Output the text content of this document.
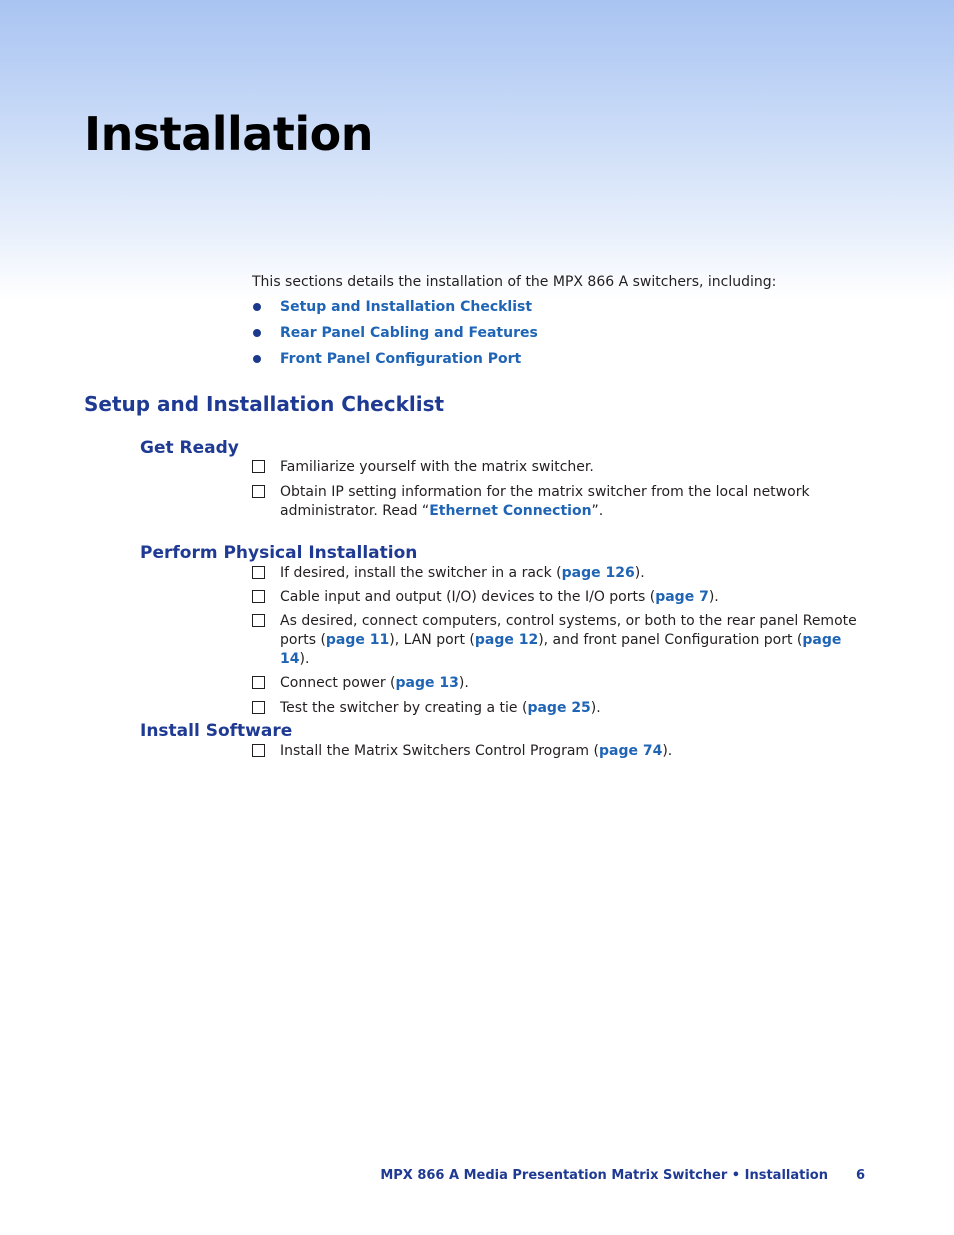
Installation
This sections details the installation of the MPX 866 A switchers, including:
Setup and Installation Checklist
Rear Panel Cabling and Features
Front Panel Configuration Port
Setup and Installation Checklist
Get Ready
Familiarize yourself with the matrix switcher.
Obtain IP setting information for the matrix switcher from the local network administrator. Read “Ethernet Connection”.
Perform Physical Installation
If desired, install the switcher in a rack (page 126).
Cable input and output (I/O) devices to the I/O ports (page 7).
As desired, connect computers, control systems, or both to the rear panel Remote ports (page 11), LAN port (page 12), and front panel Configuration port (page 14).
Connect power (page 13).
Test the switcher by creating a tie (page 25).
Install Software
Install the Matrix Switchers Control Program (page 74).
MPX 866 A Media Presentation Matrix Switcher • Installation 6
